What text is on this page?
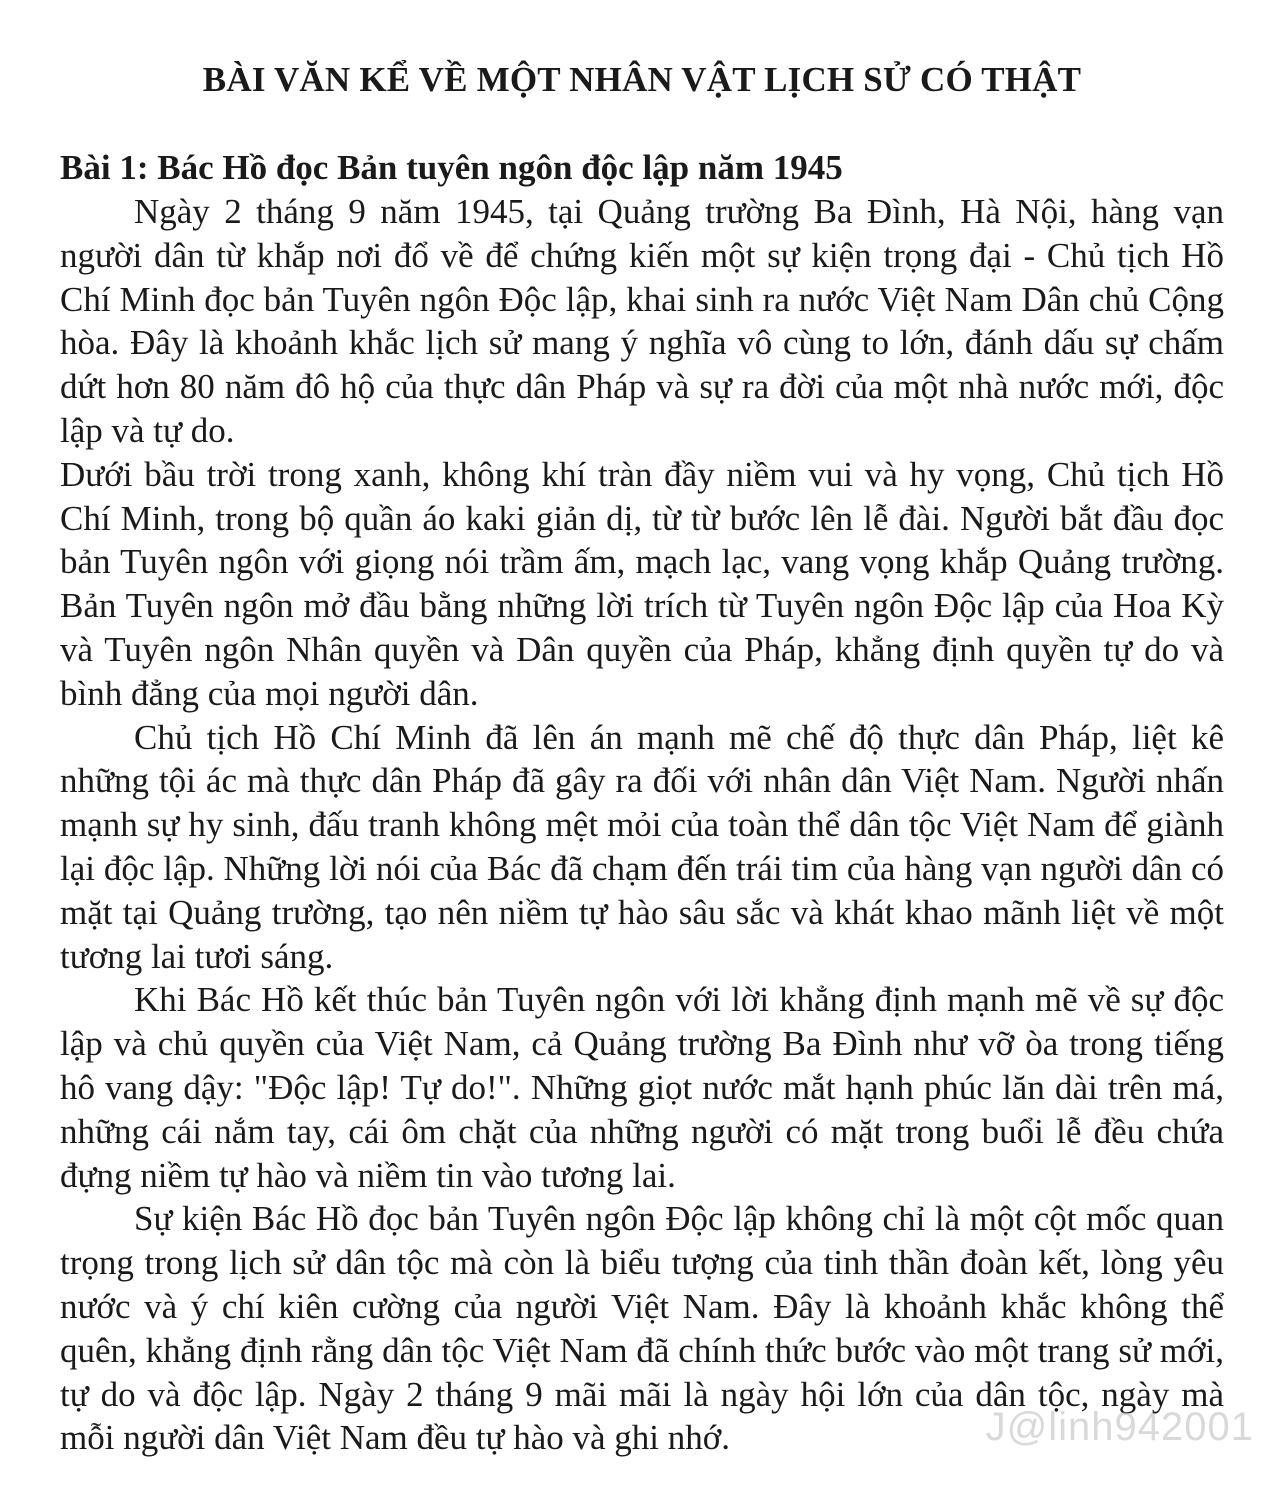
BÀI VĂN KỂ VỀ MỘT NHÂN VẬT LỊCH SỬ CÓ THẬT
Bài 1: Bác Hồ đọc Bản tuyên ngôn độc lập năm 1945

Ngày 2 tháng 9 năm 1945, tại Quảng trường Ba Đình, Hà Nội, hàng vạn người dân từ khắp nơi đổ về để chứng kiến một sự kiện trọng đại - Chủ tịch Hồ Chí Minh đọc bản Tuyên ngôn Độc lập, khai sinh ra nước Việt Nam Dân chủ Cộng hòa. Đây là khoảnh khắc lịch sử mang ý nghĩa vô cùng to lớn, đánh dấu sự chấm dứt hơn 80 năm đô hộ của thực dân Pháp và sự ra đời của một nhà nước mới, độc lập và tự do.

Dưới bầu trời trong xanh, không khí tràn đầy niềm vui và hy vọng, Chủ tịch Hồ Chí Minh, trong bộ quần áo kaki giản dị, từ từ bước lên lễ đài. Người bắt đầu đọc bản Tuyên ngôn với giọng nói trầm ấm, mạch lạc, vang vọng khắp Quảng trường. Bản Tuyên ngôn mở đầu bằng những lời trích từ Tuyên ngôn Độc lập của Hoa Kỳ và Tuyên ngôn Nhân quyền và Dân quyền của Pháp, khẳng định quyền tự do và bình đẳng của mọi người dân.

Chủ tịch Hồ Chí Minh đã lên án mạnh mẽ chế độ thực dân Pháp, liệt kê những tội ác mà thực dân Pháp đã gây ra đối với nhân dân Việt Nam. Người nhấn mạnh sự hy sinh, đấu tranh không mệt mỏi của toàn thể dân tộc Việt Nam để giành lại độc lập. Những lời nói của Bác đã chạm đến trái tim của hàng vạn người dân có mặt tại Quảng trường, tạo nên niềm tự hào sâu sắc và khát khao mãnh liệt về một tương lai tươi sáng.

Khi Bác Hồ kết thúc bản Tuyên ngôn với lời khẳng định mạnh mẽ về sự độc lập và chủ quyền của Việt Nam, cả Quảng trường Ba Đình như vỡ òa trong tiếng hô vang dậy: "Độc lập! Tự do!". Những giọt nước mắt hạnh phúc lăn dài trên má, những cái nắm tay, cái ôm chặt của những người có mặt trong buổi lễ đều chứa đựng niềm tự hào và niềm tin vào tương lai.

Sự kiện Bác Hồ đọc bản Tuyên ngôn Độc lập không chỉ là một cột mốc quan trọng trong lịch sử dân tộc mà còn là biểu tượng của tinh thần đoàn kết, lòng yêu nước và ý chí kiên cường của người Việt Nam. Đây là khoảnh khắc không thể quên, khẳng định rằng dân tộc Việt Nam đã chính thức bước vào một trang sử mới, tự do và độc lập. Ngày 2 tháng 9 mãi mãi là ngày hội lớn của dân tộc, ngày mà mỗi người dân Việt Nam đều tự hào và ghi nhớ.	J@linh942001
